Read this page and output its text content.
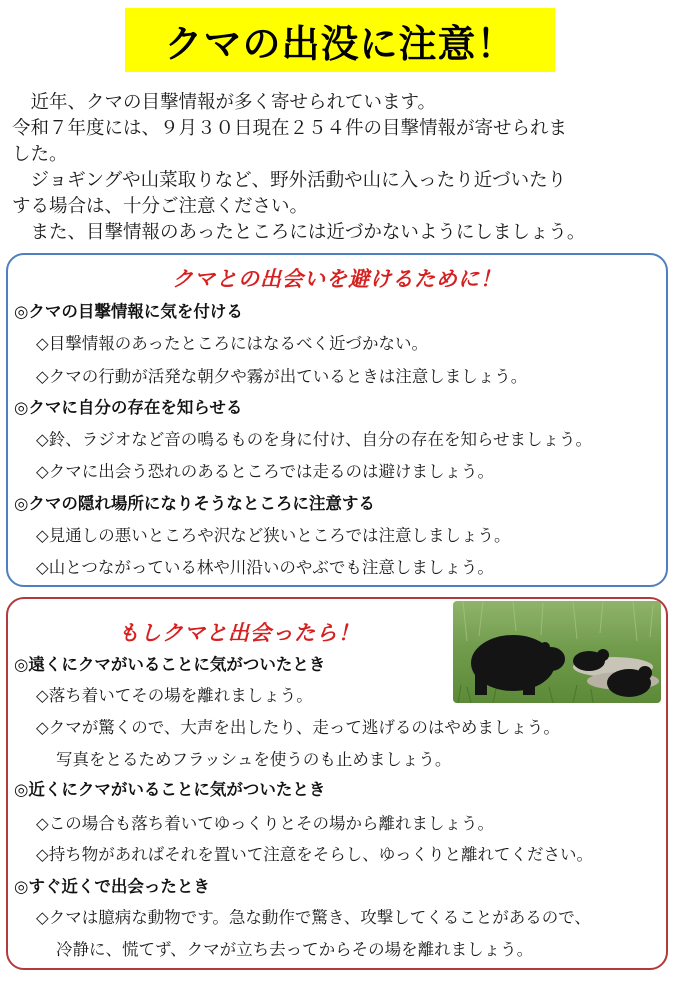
クマの出没に注意！

　近年、クマの目撃情報が多く寄せられています。

令和７年度には、９月３０日現在２５４件の目撃情報が寄せられま

した。

　ジョギングや山菜取りなど、野外活動や山に入ったり近づいたり

する場合は、十分ご注意ください。

　また、目撃情報のあったところには近づかないようにしましょう。

クマとの出会いを避けるために！
◎クマの目撃情報に気を付ける
◇目撃情報のあったところにはなるべく近づかない。
◇クマの行動が活発な朝夕や霧が出ているときは注意しましょう。
◎クマに自分の存在を知らせる
◇鈴、ラジオなど音の鳴るものを身に付け、自分の存在を知らせましょう。
◇クマに出会う恐れのあるところでは走るのは避けましょう。
◎クマの隠れ場所になりそうなところに注意する
◇見通しの悪いところや沢など狭いところでは注意しましょう。
◇山とつながっている林や川沿いのやぶでも注意しましょう。
もしクマと出会ったら！
◎遠くにクマがいることに気がついたとき
◇落ち着いてその場を離れましょう。
◇クマが驚くので、大声を出したり、走って逃げるのはやめましょう。
写真をとるためフラッシュを使うのも止めましょう。
◎近くにクマがいることに気がついたとき
◇この場合も落ち着いてゆっくりとその場から離れましょう。
◇持ち物があればそれを置いて注意をそらし、ゆっくりと離れてください。
◎すぐ近くで出会ったとき
◇クマは臆病な動物です。急な動作で驚き、攻撃してくることがあるので、
冷静に、慌てず、クマが立ち去ってからその場を離れましょう。
